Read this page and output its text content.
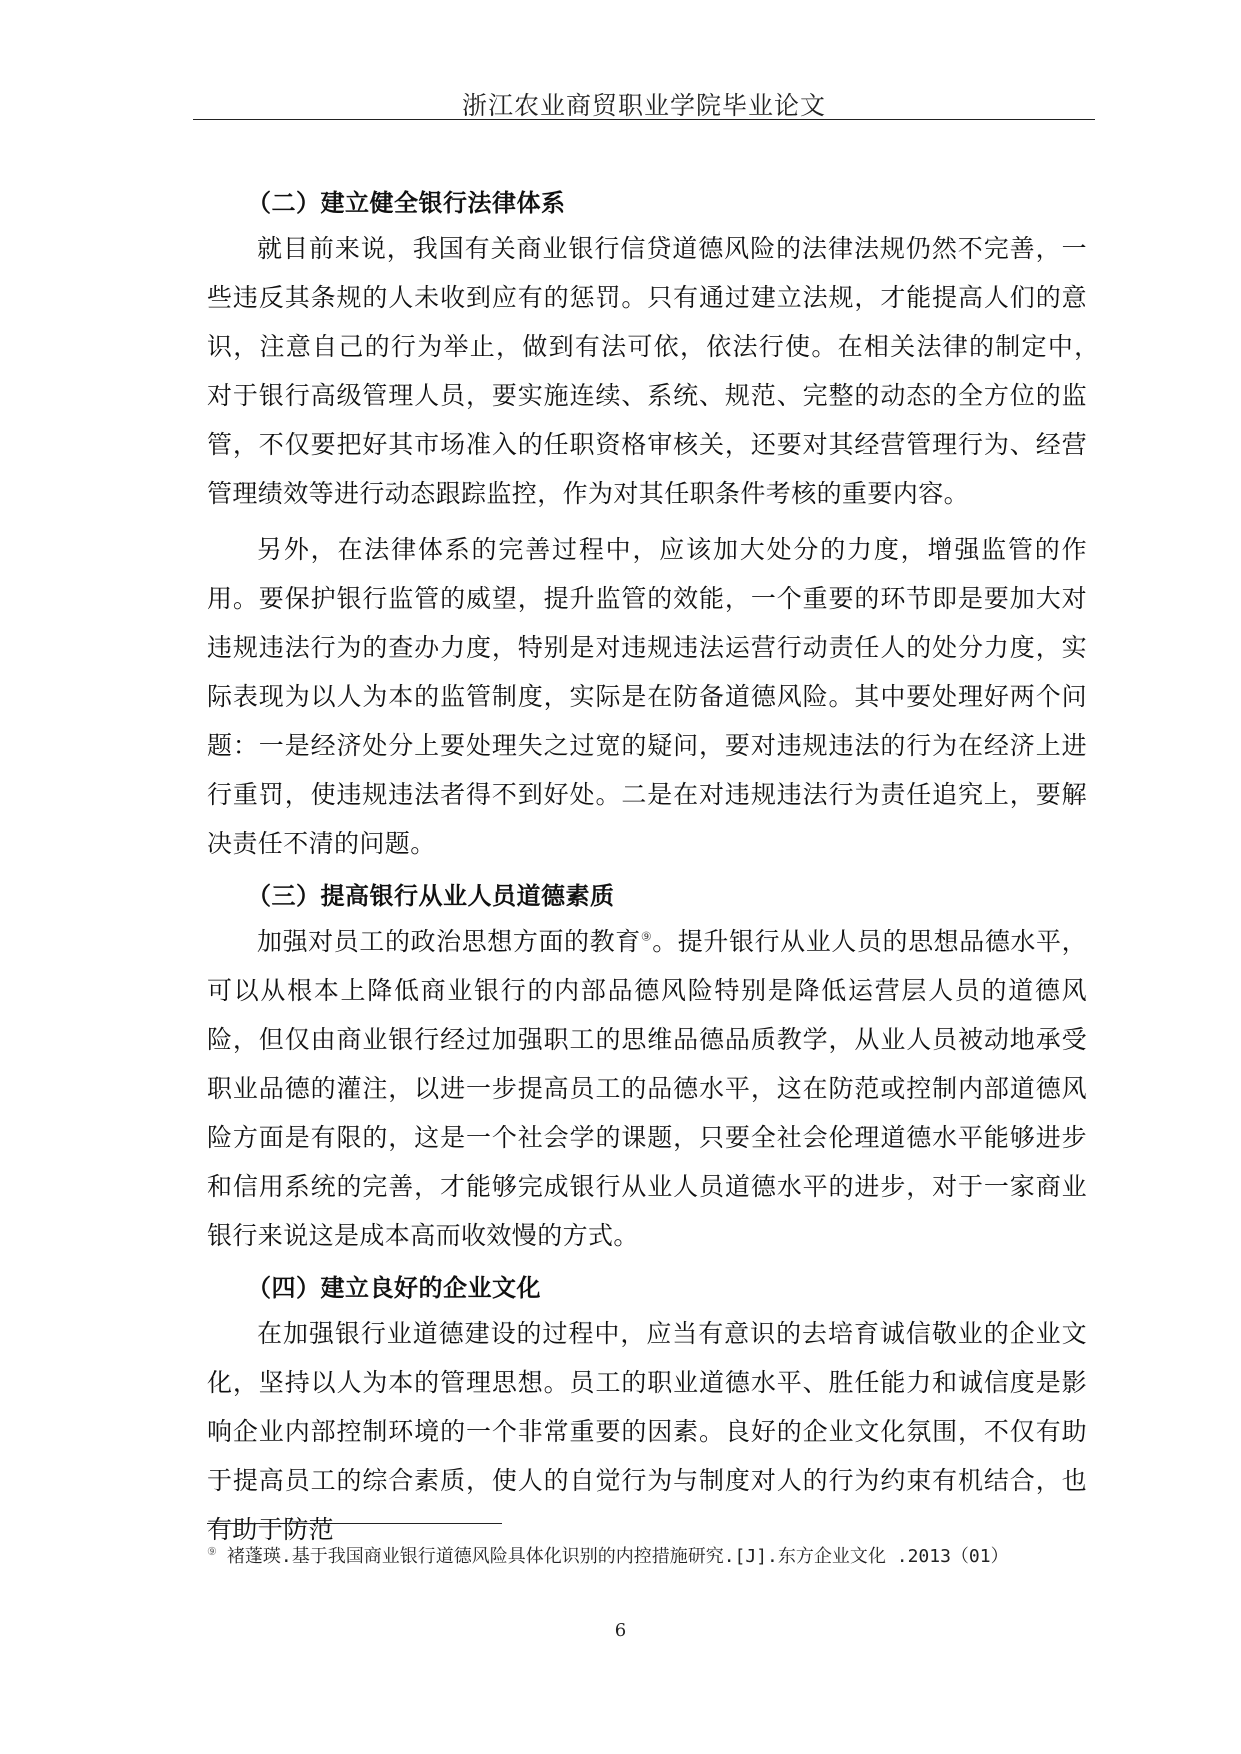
浙江农业商贸职业学院毕业论文
（二）建立健全银行法律体系

就目前来说，我国有关商业银行信贷道德风险的法律法规仍然不完善，一些违反其条规的人未收到应有的惩罚。只有通过建立法规，才能提高人们的意识，注意自己的行为举止，做到有法可依，依法行使。在相关法律的制定中，　对于银行高级管理人员，要实施连续、系统、规范、完整的动态的全方位的监管，不仅要把好其市场准入的任职资格审核关，还要对其经营管理行为、经营管理绩效等进行动态跟踪监控，作为对其任职条件考核的重要内容。

另外，在法律体系的完善过程中，应该加大处分的力度，增强监管的作用。要保护银行监管的威望，提升监管的效能，一个重要的环节即是要加大对违规违法行为的查办力度，特别是对违规违法运营行动责任人的处分力度，实际表现为以人为本的监管制度，实际是在防备道德风险。其中要处理好两个问题：一是经济处分上要处理失之过宽的疑问，要对违规违法的行为在经济上进行重罚，使违规违法者得不到好处。二是在对违规违法行为责任追究上，要解决责任不清的问题。

（三）提高银行从业人员道德素质

加强对员工的政治思想方面的教育⑨。提升银行从业人员的思想品德水平，可以从根本上降低商业银行的内部品德风险特别是降低运营层人员的道德风险，但仅由商业银行经过加强职工的思维品德品质教学，从业人员被动地承受职业品德的灌注，以进一步提高员工的品德水平，这在防范或控制内部道德风险方面是有限的，这是一个社会学的课题，只要全社会伦理道德水平能够进步和信用系统的完善，才能够完成银行从业人员道德水平的进步，对于一家商业银行来说这是成本高而收效慢的方式。

（四）建立良好的企业文化

在加强银行业道德建设的过程中，应当有意识的去培育诚信敬业的企业文化，坚持以人为本的管理思想。员工的职业道德水平、胜任能力和诚信度是影响企业内部控制环境的一个非常重要的因素。良好的企业文化氛围，不仅有助于提高员工的综合素质，使人的自觉行为与制度对人的行为约束有机结合，也有助于防范

⑨ 褚蓬瑛.基于我国商业银行道德风险具体化识别的内控措施研究.[J].东方企业文化 .2013（01）
6
